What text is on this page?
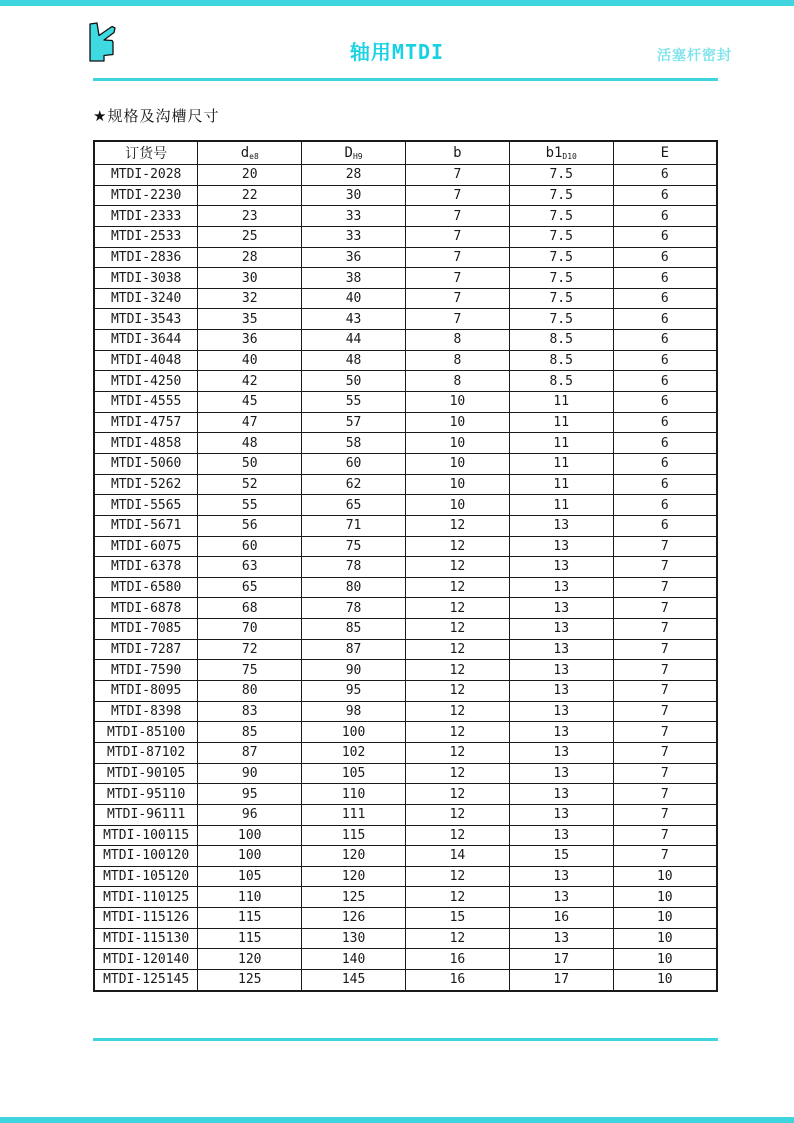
轴用MTDI	活塞杆密封
★规格及沟槽尺寸
订货号	$d_{e8}$	$D_{H9}$	b	$b1_{D10}$	E
MTDI-2028	20	28	7	7.5	6
MTDI-2230	22	30	7	7.5	6
MTDI-2333	23	33	7	7.5	6
MTDI-2533	25	33	7	7.5	6
MTDI-2836	28	36	7	7.5	6
MTDI-3038	30	38	7	7.5	6
MTDI-3240	32	40	7	7.5	6
MTDI-3543	35	43	7	7.5	6
MTDI-3644	36	44	8	8.5	6
MTDI-4048	40	48	8	8.5	6
MTDI-4250	42	50	8	8.5	6
MTDI-4555	45	55	10	11	6
MTDI-4757	47	57	10	11	6
MTDI-4858	48	58	10	11	6
MTDI-5060	50	60	10	11	6
MTDI-5262	52	62	10	11	6
MTDI-5565	55	65	10	11	6
MTDI-5671	56	71	12	13	6
MTDI-6075	60	75	12	13	7
MTDI-6378	63	78	12	13	7
MTDI-6580	65	80	12	13	7
MTDI-6878	68	78	12	13	7
MTDI-7085	70	85	12	13	7
MTDI-7287	72	87	12	13	7
MTDI-7590	75	90	12	13	7
MTDI-8095	80	95	12	13	7
MTDI-8398	83	98	12	13	7
MTDI-85100	85	100	12	13	7
MTDI-87102	87	102	12	13	7
MTDI-90105	90	105	12	13	7
MTDI-95110	95	110	12	13	7
MTDI-96111	96	111	12	13	7
MTDI-100115	100	115	12	13	7
MTDI-100120	100	120	14	15	7
MTDI-105120	105	120	12	13	10
MTDI-110125	110	125	12	13	10
MTDI-115126	115	126	15	16	10
MTDI-115130	115	130	12	13	10
MTDI-120140	120	140	16	17	10
MTDI-125145	125	145	16	17	10
